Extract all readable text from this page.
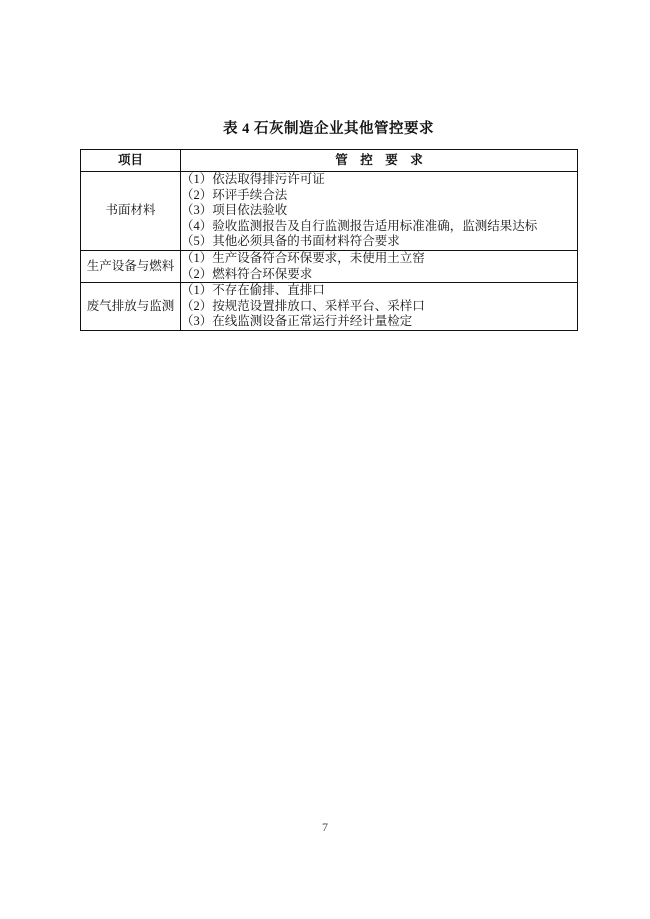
表 4 石灰制造企业其他管控要求
项目	管　控　要　求
书面材料	（1）依法取得排污许可证
（2）环评手续合法
（3）项目依法验收
（4）验收监测报告及自行监测报告适用标准准确，监测结果达标
（5）其他必须具备的书面材料符合要求

生产设备与燃料	（1）生产设备符合环保要求，未使用土立窑
（2）燃料符合环保要求

废气排放与监测	（1）不存在偷排、直排口
（2）按规范设置排放口、采样平台、采样口
（3）在线监测设备正常运行并经计量检定
7
